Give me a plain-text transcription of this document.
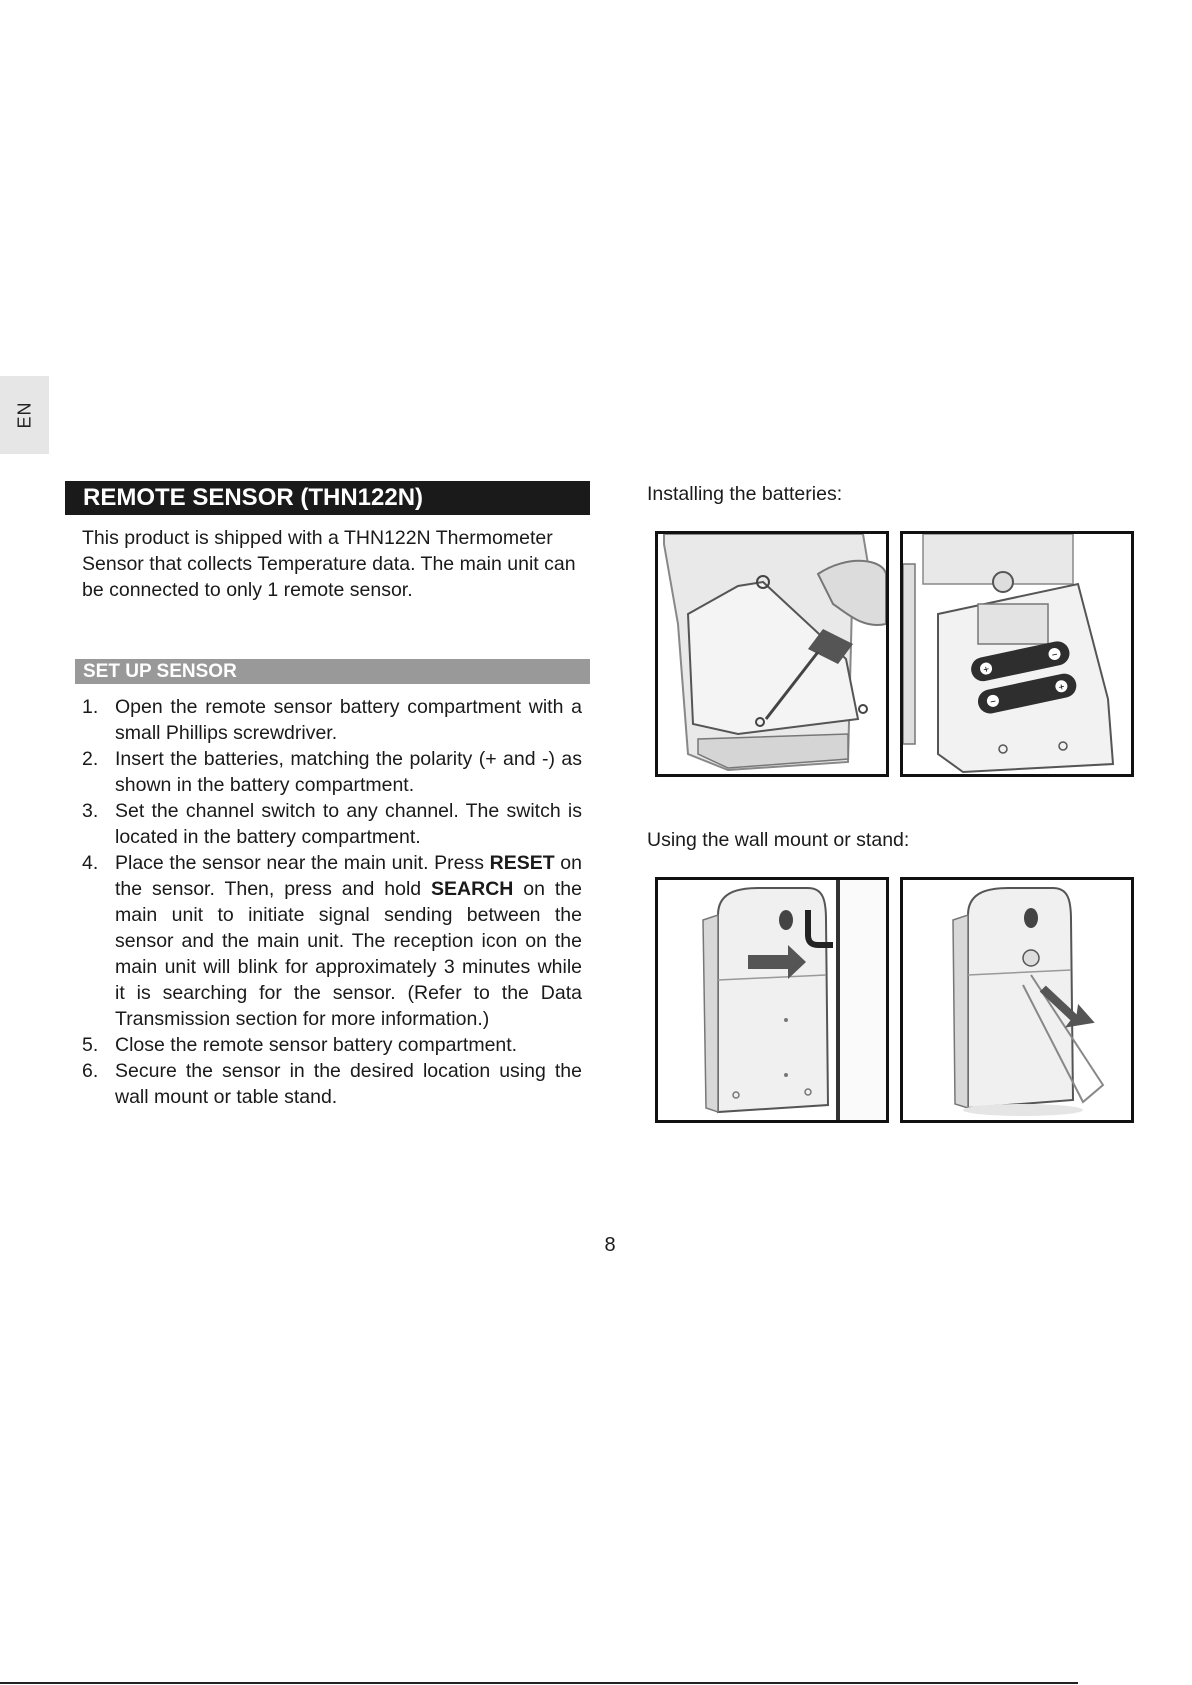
EN
REMOTE SENSOR (THN122N)

This product is shipped with a THN122N Thermometer Sensor that collects Temperature data. The main unit can be connected to only 1 remote sensor.

SET UP SENSOR
1. Open the remote sensor battery compartment with a small Phillips screwdriver.
2. Insert the batteries, matching the polarity (+ and -) as shown in the battery compartment.
3. Set the channel switch to any channel. The switch is located in the battery compartment.
4. Place the sensor near the main unit. Press RESET on the sensor. Then, press and hold SEARCH on the main unit to initiate signal sending between the sensor and the main unit. The reception icon on the main unit will blink for approximately 3 minutes while it is searching for the sensor. (Refer to the Data Transmission section for more information.)
5. Close the remote sensor battery compartment.
6. Secure the sensor in the desired location using the wall mount or table stand.
Installing the batteries:
+
−
−
+
Using the wall mount or stand:
8
